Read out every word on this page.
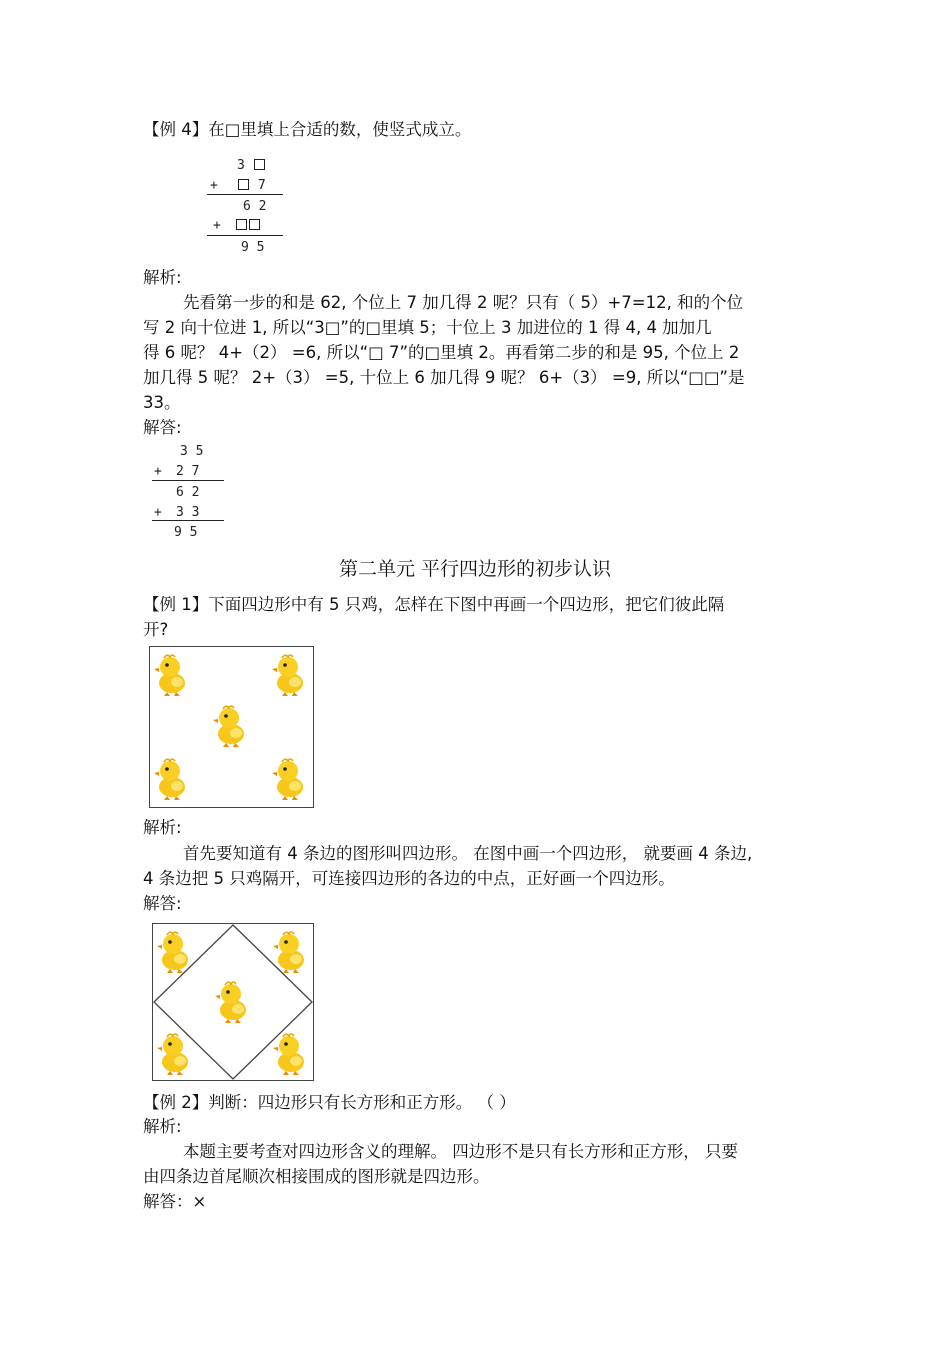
【例 4】在□里填上合适的数，使竖式成立。
3
+	7
6 2
+
9 5
解析:
先看第一步的和是 62, 个位上 7 加几得 2 呢？只有（ 5）+7=12, 和的个位
写 2 向十位进 1, 所以“3□”的□里填 5；十位上 3 加进位的 1 得 4, 4 加加几
得 6 呢？ 4+（2） =6, 所以“□ 7”的□里填 2。再看第二步的和是 95, 个位上 2
加几得 5 呢？ 2+（3） =5, 十位上 6 加几得 9 呢？ 6+（3） =9, 所以“□□”是
33。
解答:
3 5
+ 2 7
6 2
+ 3 3
9 5
第二单元 平行四边形的初步认识
【例 1】下面四边形中有 5 只鸡，怎样在下图中再画一个四边形，把它们彼此隔
开?
解析:
首先要知道有 4 条边的图形叫四边形。 在图中画一个四边形， 就要画 4 条边,
4 条边把 5 只鸡隔开，可连接四边形的各边的中点，正好画一个四边形。
解答:
【例 2】判断：四边形只有长方形和正方形。 （ ）
解析:
本题主要考查对四边形含义的理解。 四边形不是只有长方形和正方形， 只要
由四条边首尾顺次相接围成的图形就是四边形。
解答：×
